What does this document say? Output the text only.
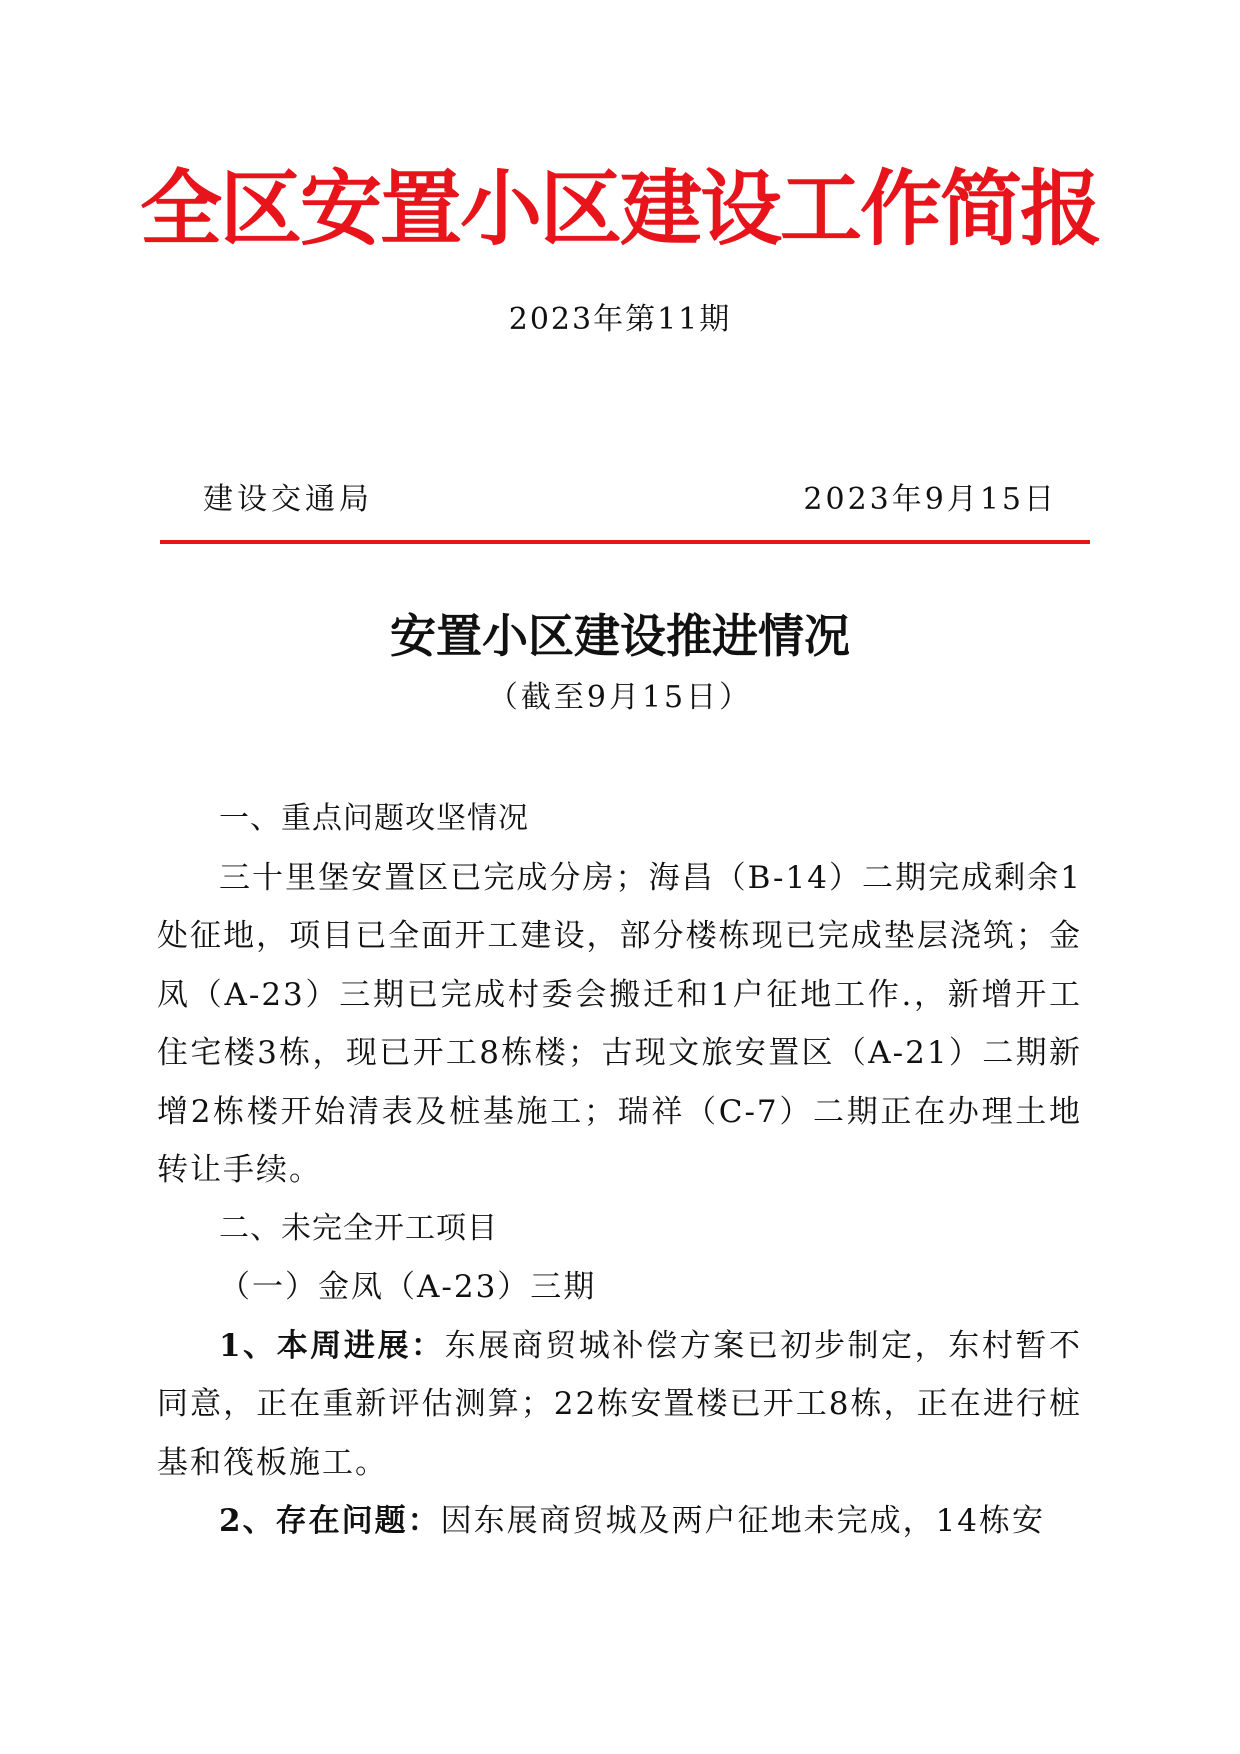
全区安置小区建设工作简报
2023年第11期
建设交通局	2023年9月15日
安置小区建设推进情况
（截至9月15日）

一、重点问题攻坚情况

三十里堡安置区已完成分房；海昌（B-14）二期完成剩余1处征地，项目已全面开工建设，部分楼栋现已完成垫层浇筑；金凤（A-23）三期已完成村委会搬迁和1户征地工作.，新增开工住宅楼3栋，现已开工8栋楼；古现文旅安置区（A-21）二期新增2栋楼开始清表及桩基施工；瑞祥（C-7）二期正在办理土地转让手续。

二、未完全开工项目

（一）金凤（A-23）三期

1、本周进展：东展商贸城补偿方案已初步制定，东村暂不同意，正在重新评估测算；22栋安置楼已开工8栋，正在进行桩基和筏板施工。

2、存在问题：因东展商贸城及两户征地未完成，14栋安
